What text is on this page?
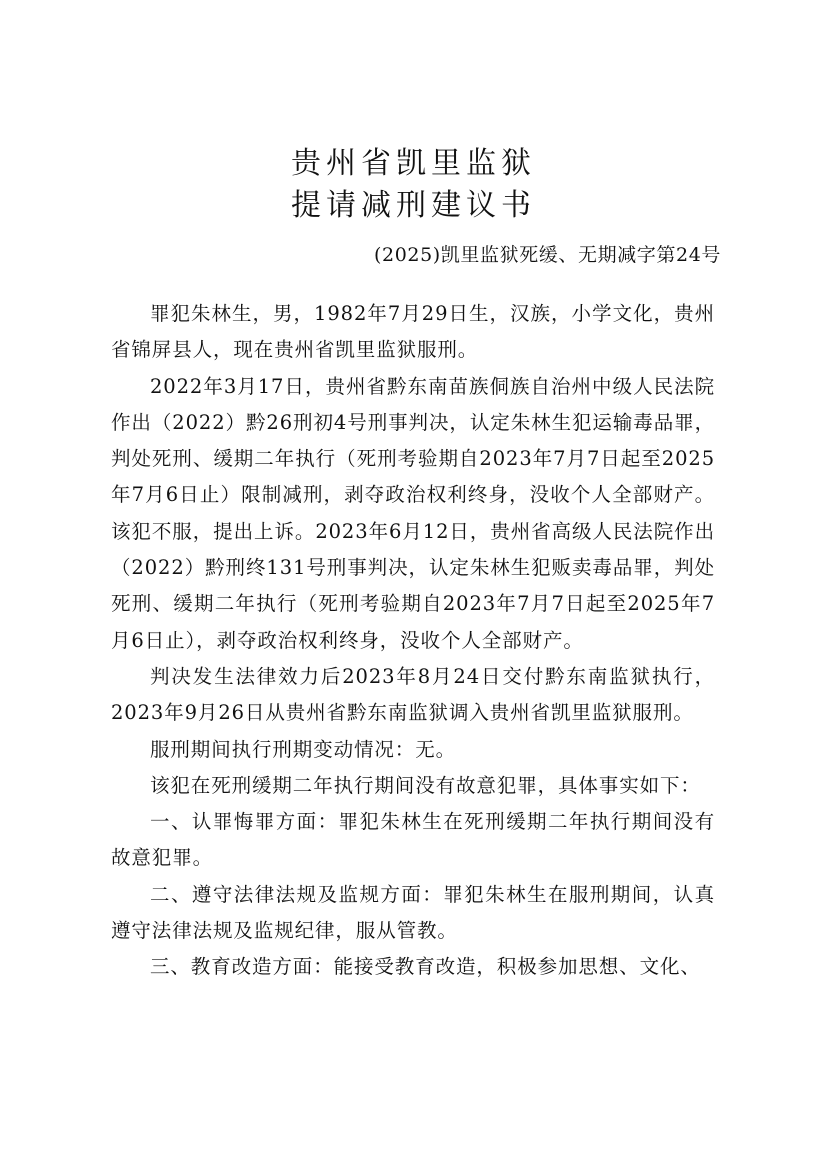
贵州省凯里监狱
提请减刑建议书
(2025)凯里监狱死缓、无期减字第24号

罪犯朱林生，男，1982年7月29日生，汉族，小学文化，贵州省锦屏县人，现在贵州省凯里监狱服刑。

2022年3月17日，贵州省黔东南苗族侗族自治州中级人民法院作出（2022）黔26刑初4号刑事判决，认定朱林生犯运输毒品罪，判处死刑、缓期二年执行（死刑考验期自2023年7月7日起至2025年7月6日止）限制减刑，剥夺政治权利终身，没收个人全部财产。该犯不服，提出上诉。2023年6月12日，贵州省高级人民法院作出（2022）黔刑终131号刑事判决，认定朱林生犯贩卖毒品罪，判处死刑、缓期二年执行（死刑考验期自2023年7月7日起至2025年7月6日止），剥夺政治权利终身，没收个人全部财产。

判决发生法律效力后2023年8月24日交付黔东南监狱执行，2023年9月26日从贵州省黔东南监狱调入贵州省凯里监狱服刑。

服刑期间执行刑期变动情况：无。

该犯在死刑缓期二年执行期间没有故意犯罪，具体事实如下：

一、认罪悔罪方面：罪犯朱林生在死刑缓期二年执行期间没有故意犯罪。

二、遵守法律法规及监规方面：罪犯朱林生在服刑期间，认真遵守法律法规及监规纪律，服从管教。

三、教育改造方面：能接受教育改造，积极参加思想、文化、
